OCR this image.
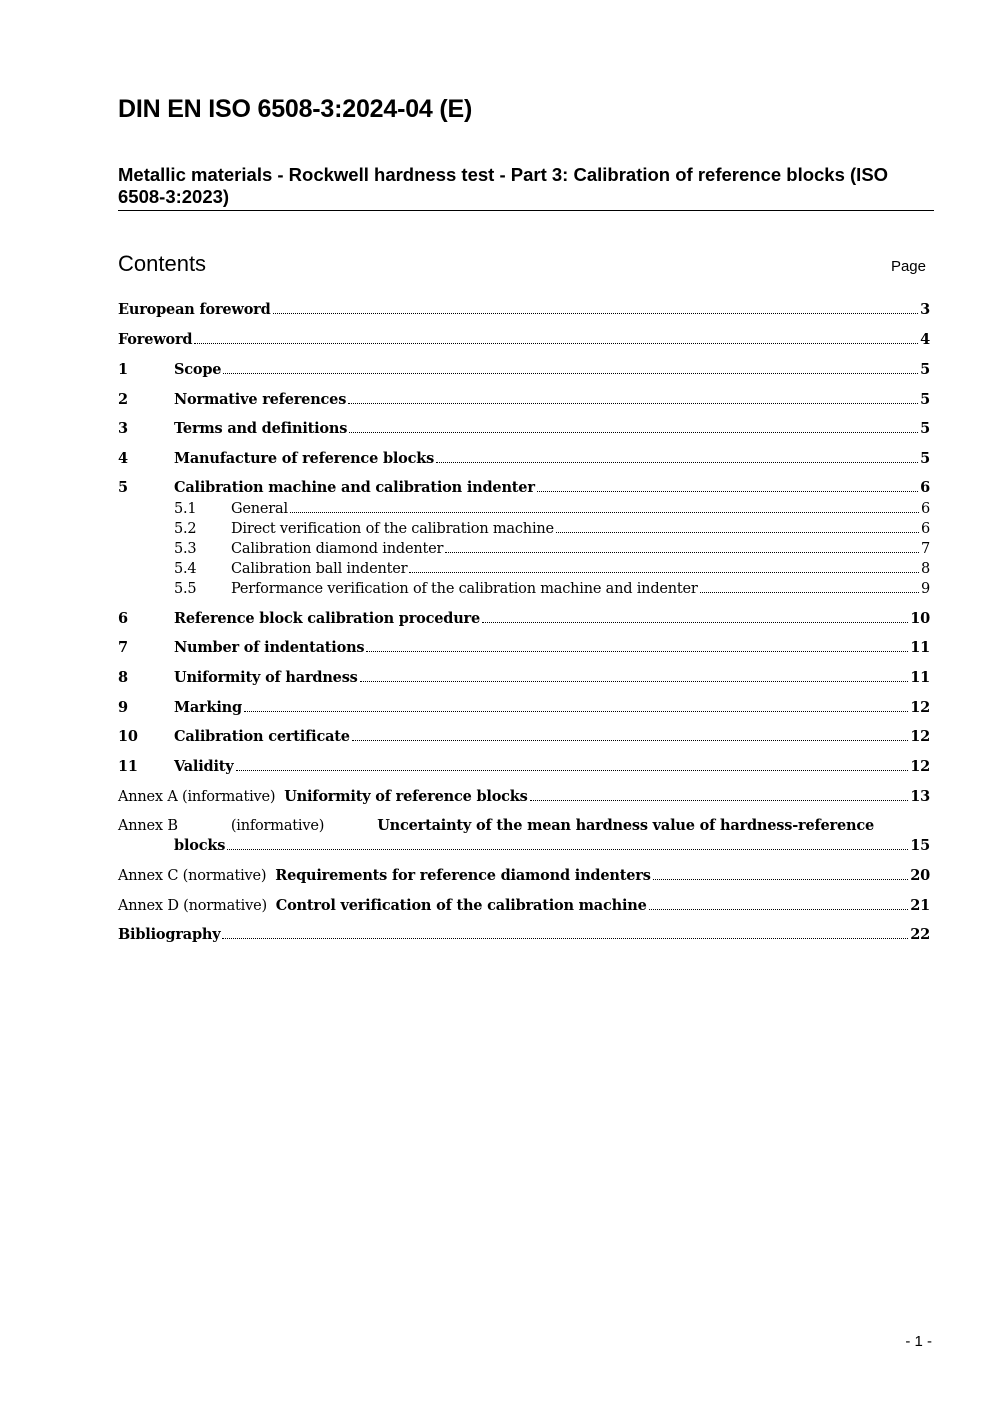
DIN EN ISO 6508-3:2024-04 (E)
Metallic materials - Rockwell hardness test - Part 3: Calibration of reference blocks (ISO 6508-3:2023)
Contents	Page
European foreword	3
Foreword	4
1	Scope	5
2	Normative references	5
3	Terms and definitions	5
4	Manufacture of reference blocks	5
5	Calibration machine and calibration indenter	6
5.1	General	6
5.2	Direct verification of the calibration machine	6
5.3	Calibration diamond indenter	7
5.4	Calibration ball indenter	8
5.5	Performance verification of the calibration machine and indenter	9
6	Reference block calibration procedure	10
7	Number of indentations	11
8	Uniformity of hardness	11
9	Marking	12
10	Calibration certificate	12
11	Validity	12
Annex A (informative) Uniformity of reference blocks	13
Annex B	(informative)	Uncertainty of the mean hardness value of hardness-reference
blocks	15
Annex C (normative) Requirements for reference diamond indenters	20
Annex D (normative) Control verification of the calibration machine	21
Bibliography	22
- 1 -
